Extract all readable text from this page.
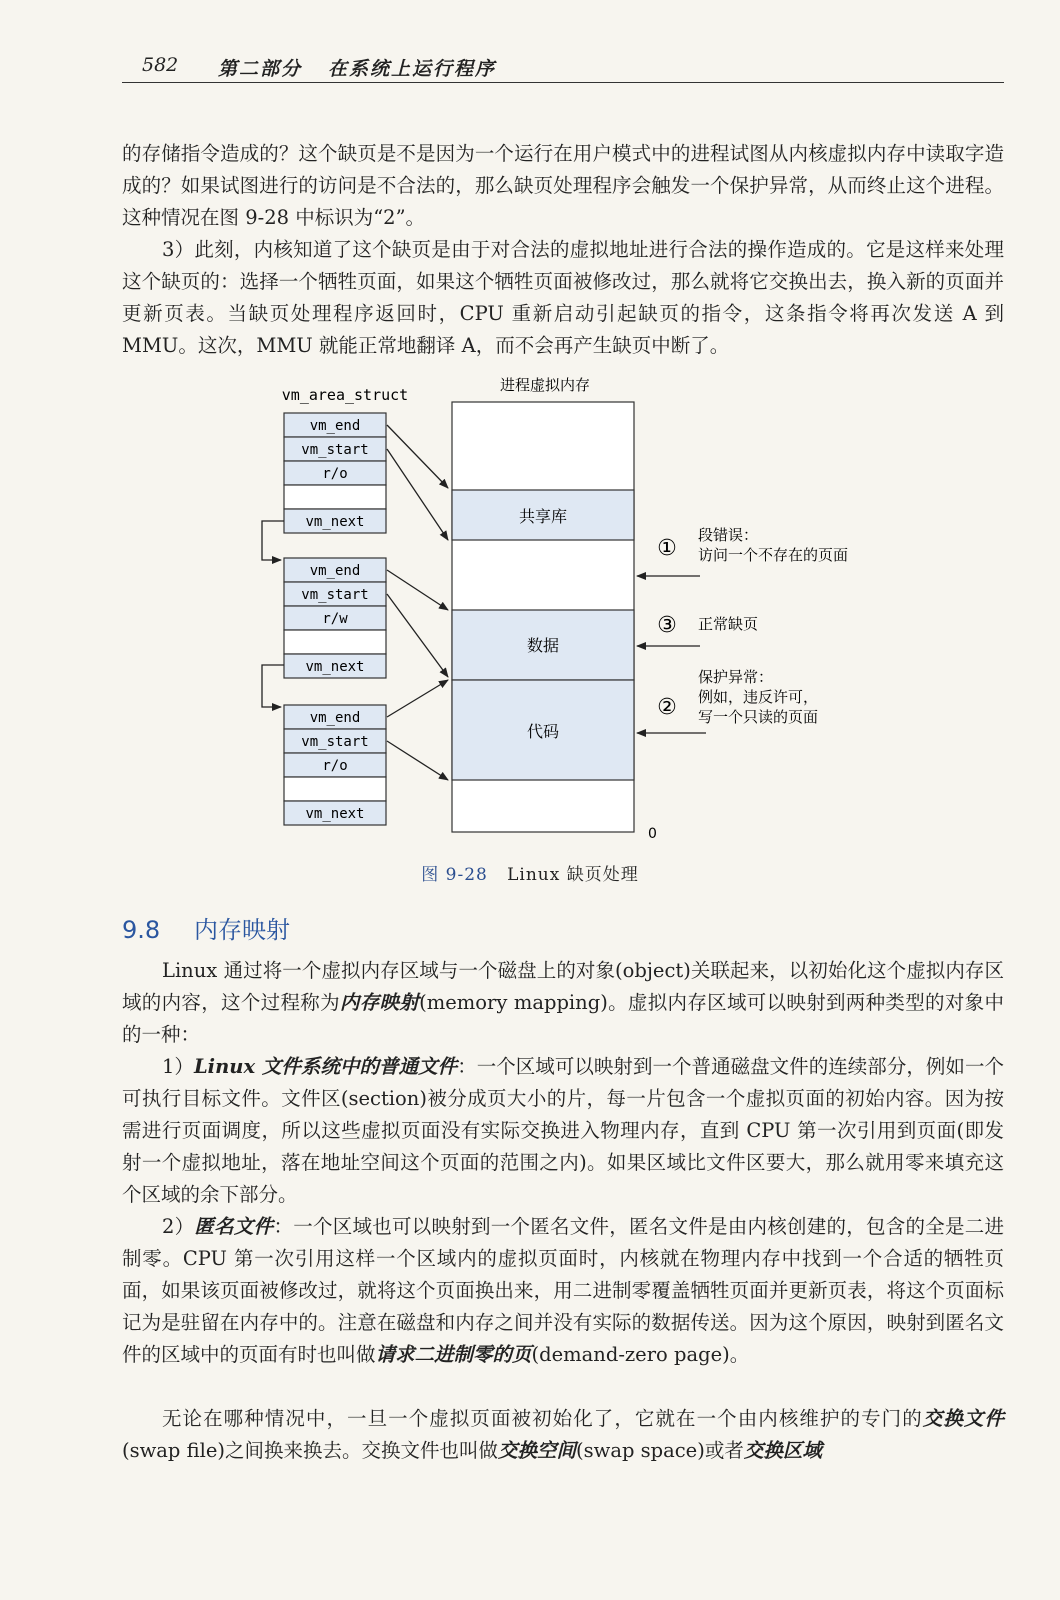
582 第二部分 在系统上运行程序
的存储指令造成的？这个缺页是不是因为一个运行在用户模式中的进程试图从内核虚拟内存中读取字造成的？如果试图进行的访问是不合法的，那么缺页处理程序会触发一个保护异常，从而终止这个进程。这种情况在图 9-28 中标识为“2”。
3）此刻，内核知道了这个缺页是由于对合法的虚拟地址进行合法的操作造成的。它是这样来处理这个缺页的：选择一个牺牲页面，如果这个牺牲页面被修改过，那么就将它交换出去，换入新的页面并更新页表。当缺页处理程序返回时，CPU 重新启动引起缺页的指令，这条指令将再次发送 A 到 MMU。这次，MMU 就能正常地翻译 A，而不会再产生缺页中断了。
vm_area_struct
进程虚拟内存
vm_end
vm_start
r/o
vm_next
vm_end
vm_start
r/w
vm_next
vm_end
vm_start
r/o
vm_next
共享库
数据
代码
0
①
段错误：
访问一个不存在的页面
③ 正常缺页
②
保护异常：
例如，违反许可，
写一个只读的页面
图 9-28 Linux 缺页处理
9.8 内存映射
Linux 通过将一个虚拟内存区域与一个磁盘上的对象(object)关联起来，以初始化这个虚拟内存区域的内容，这个过程称为内存映射(memory mapping)。虚拟内存区域可以映射到两种类型的对象中的一种：
1）Linux 文件系统中的普通文件：一个区域可以映射到一个普通磁盘文件的连续部分，例如一个可执行目标文件。文件区(section)被分成页大小的片，每一片包含一个虚拟页面的初始内容。因为按需进行页面调度，所以这些虚拟页面没有实际交换进入物理内存，直到 CPU 第一次引用到页面(即发射一个虚拟地址，落在地址空间这个页面的范围之内)。如果区域比文件区要大，那么就用零来填充这个区域的余下部分。
2）匿名文件：一个区域也可以映射到一个匿名文件，匿名文件是由内核创建的，包含的全是二进制零。CPU 第一次引用这样一个区域内的虚拟页面时，内核就在物理内存中找到一个合适的牺牲页面，如果该页面被修改过，就将这个页面换出来，用二进制零覆盖牺牲页面并更新页表，将这个页面标记为是驻留在内存中的。注意在磁盘和内存之间并没有实际的数据传送。因为这个原因，映射到匿名文件的区域中的页面有时也叫做请求二进制零的页(demand-zero page)。
无论在哪种情况中，一旦一个虚拟页面被初始化了，它就在一个由内核维护的专门的交换文件(swap file)之间换来换去。交换文件也叫做交换空间(swap space)或者交换区域
